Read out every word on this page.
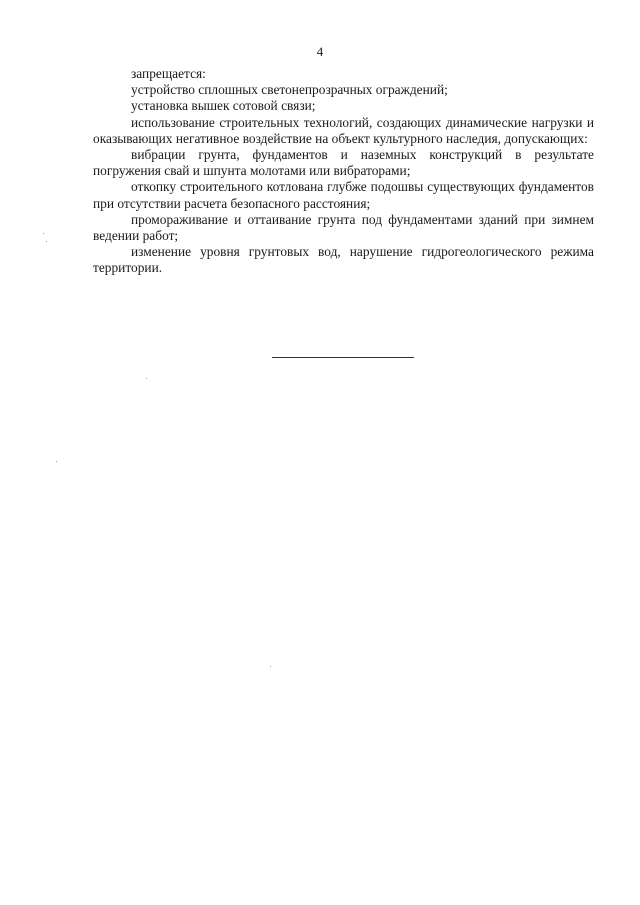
4

запрещается:

устройство сплошных светонепрозрачных ограждений;

установка вышек сотовой связи;

использование строительных технологий, создающих динамические нагрузки и оказывающих негативное воздействие на объект культурного наследия, допускающих:

вибрации грунта, фундаментов и наземных конструкций в результате погружения свай и шпунта молотами или вибраторами;

откопку строительного котлована глубже подошвы существующих фундаментов при отсутствии расчета безопасного расстояния;

промораживание и оттаивание грунта под фундаментами зданий при зимнем ведении работ;

изменение уровня грунтовых вод, нарушение гидрогеологического режима территории.
